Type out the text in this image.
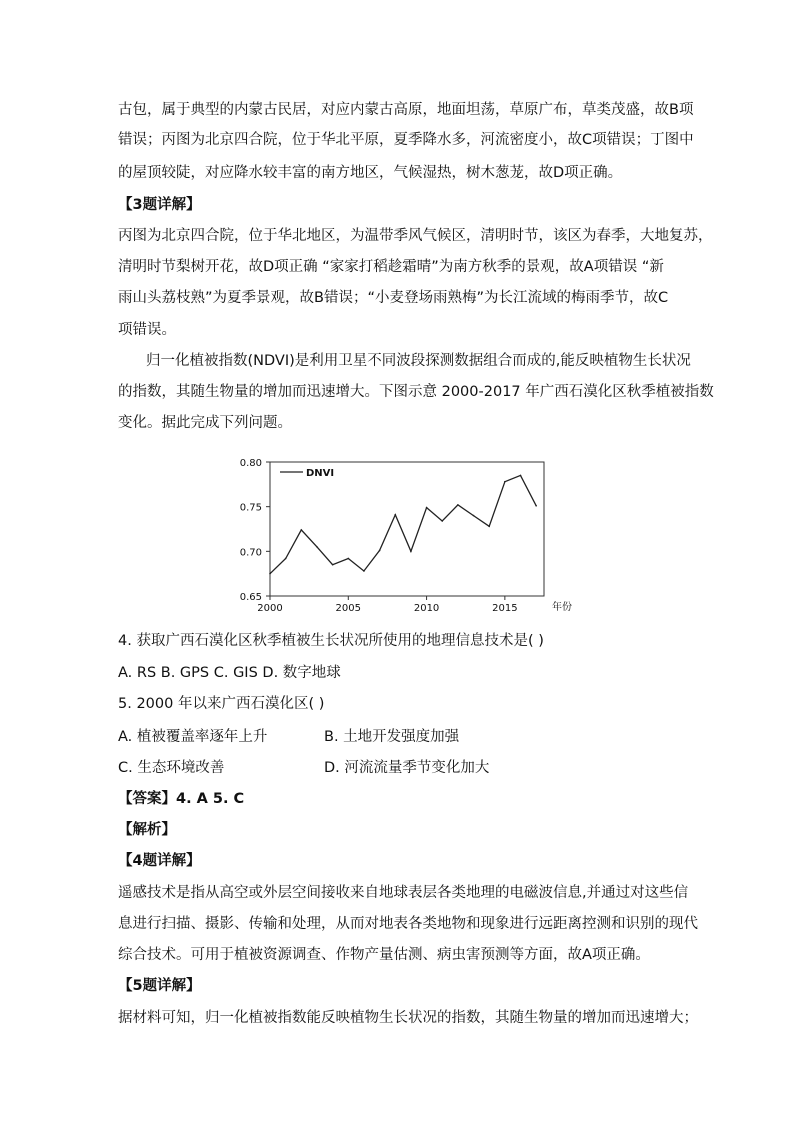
古包，属于典型的内蒙古民居，对应内蒙古高原，地面坦荡，草原广布，草类茂盛，故B项
错误；丙图为北京四合院，位于华北平原，夏季降水多，河流密度小，故C项错误；丁图中
的屋顶较陡，对应降水较丰富的南方地区，气候湿热，树木葱茏，故D项正确。
【3题详解】
丙图为北京四合院，位于华北地区，为温带季风气候区，清明时节，该区为春季，大地复苏，
清明时节梨树开花，故D项正确 “家家打稻趁霜晴”为南方秋季的景观，故A项错误 “新
雨山头荔枝熟”为夏季景观，故B错误；“小麦登场雨熟梅”为长江流域的梅雨季节，故C
项错误。
归一化植被指数(NDVI)是利用卫星不同波段探测数据组合而成的,能反映植物生长状况
的指数，其随生物量的增加而迅速增大。下图示意 2000-2017 年广西石漠化区秋季植被指数
变化。据此完成下列问题。
0.80
0.75
0.70
0.65
2000	2005	2010	2015
DNVI
年份
4. 获取广西石漠化区秋季植被生长状况所使用的地理信息技术是( )
A. RS B. GPS C. GIS D. 数字地球
5. 2000 年以来广西石漠化区( )
A. 植被覆盖率逐年上升	B. 土地开发强度加强
C. 生态环境改善	D. 河流流量季节变化加大
【答案】4. A 5. C
【解析】
【4题详解】
遥感技术是指从高空或外层空间接收来自地球表层各类地理的电磁波信息,并通过对这些信
息进行扫描、摄影、传输和处理，从而对地表各类地物和现象进行远距离控测和识别的现代
综合技术。可用于植被资源调查、作物产量估测、病虫害预测等方面，故A项正确。
【5题详解】
据材料可知，归一化植被指数能反映植物生长状况的指数，其随生物量的增加而迅速增大；
